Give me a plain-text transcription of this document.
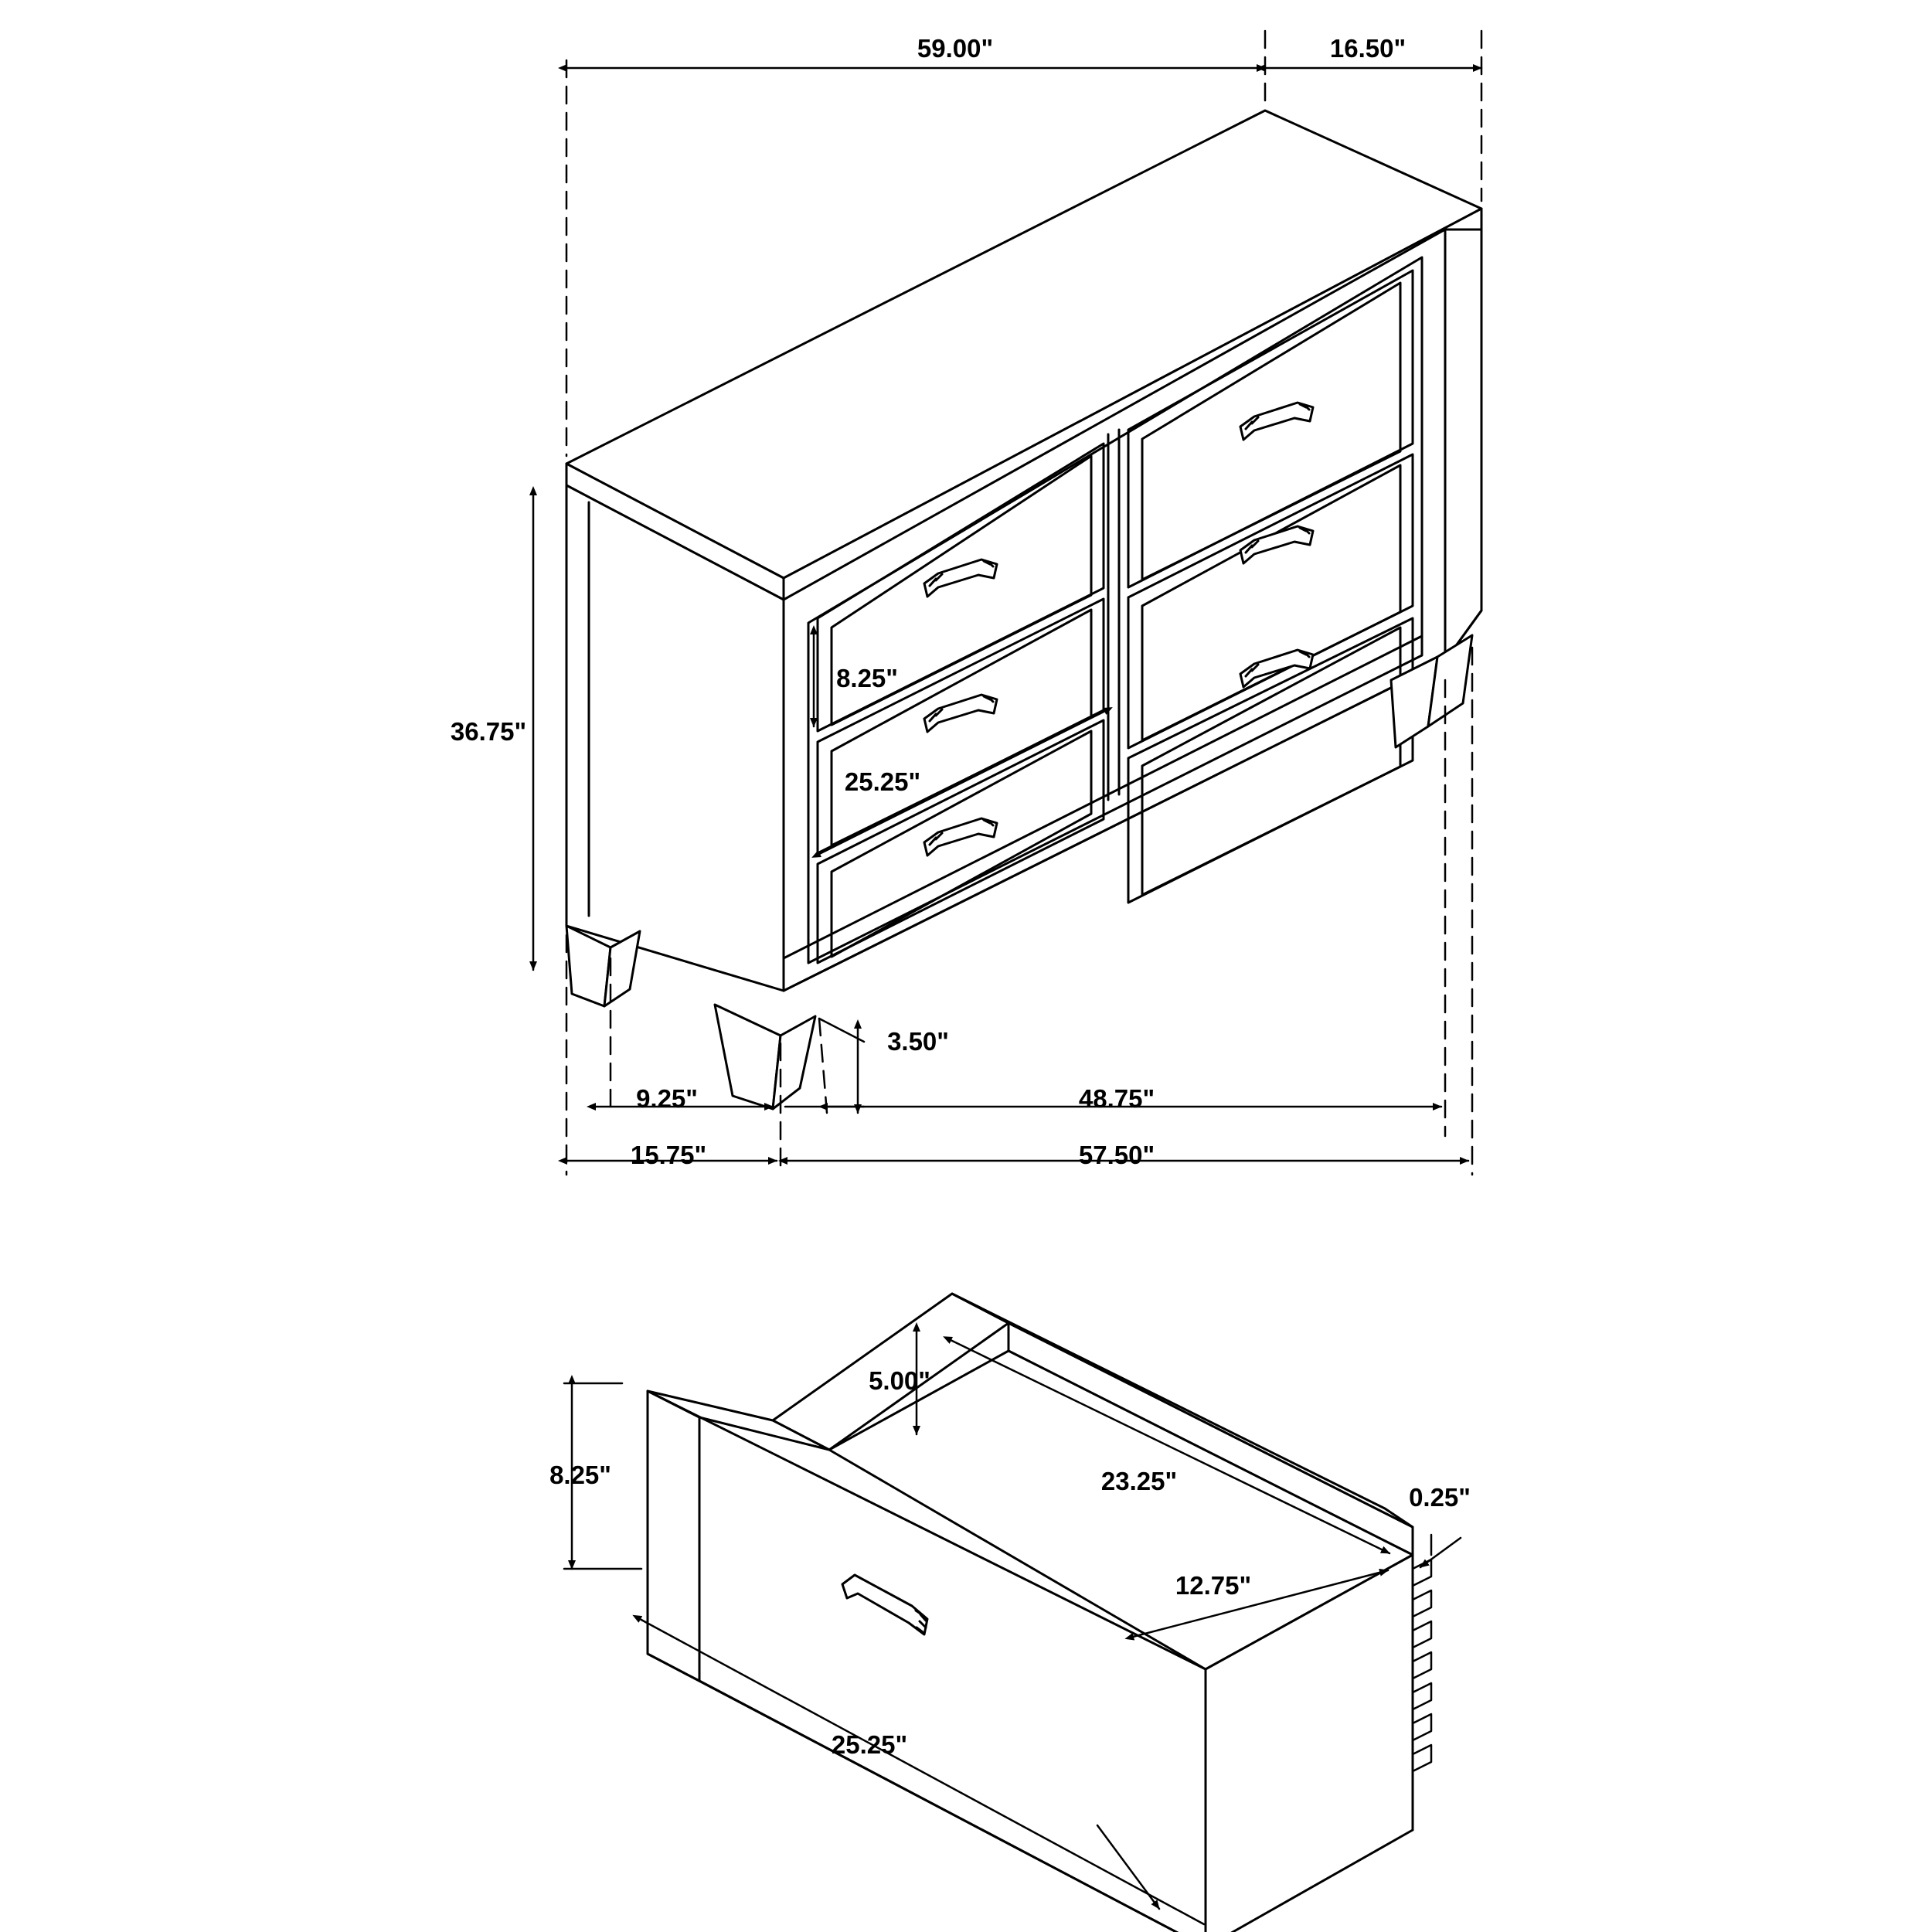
59.00"	16.50"
36.75"
8.25"
25.25"
3.50"
9.25"
15.75"
48.75"
57.50"
5.00"
8.25"	23.25"
0.25"
12.75"
25.25"
